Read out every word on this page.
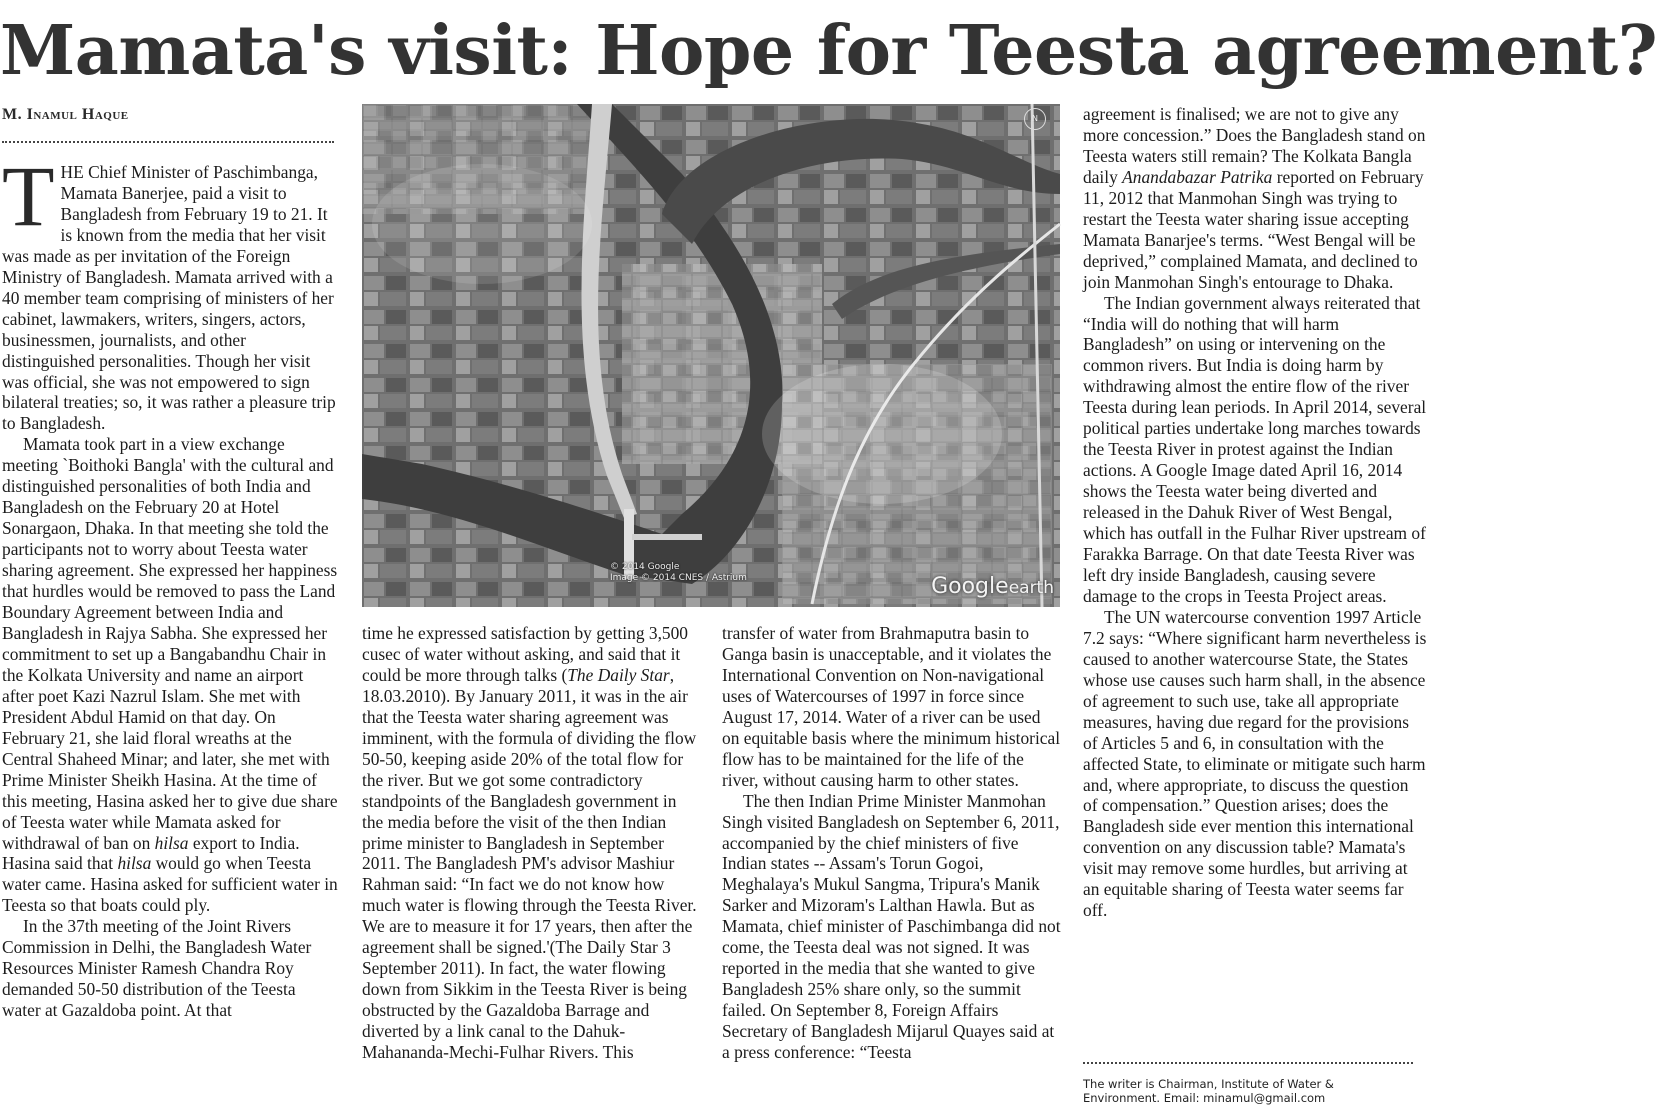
Mamata's visit: Hope for Teesta agreement?
M. Inamul Haque

THE Chief Minister of Paschimbanga, Mamata Banerjee, paid a visit to Bangladesh from February 19 to 21. It is known from the media that her visit was made as per invitation of the Foreign Ministry of Bangladesh. Mamata arrived with a 40 member team comprising of ministers of her cabinet, lawmakers, writers, singers, actors, businessmen, journalists, and other distinguished personalities. Though her visit was official, she was not empowered to sign bilateral treaties; so, it was rather a pleasure trip to Bangladesh.

Mamata took part in a view exchange meeting `Boithoki Bangla' with the cultural and distinguished personalities of both India and Bangladesh on the February 20 at Hotel Sonargaon, Dhaka. In that meeting she told the participants not to worry about Teesta water sharing agreement. She expressed her happiness that hurdles would be removed to pass the Land Boundary Agreement between India and Bangladesh in Rajya Sabha. She expressed her commitment to set up a Bangabandhu Chair in the Kolkata University and name an airport after poet Kazi Nazrul Islam. She met with President Abdul Hamid on that day. On February 21, she laid floral wreaths at the Central Shaheed Minar; and later, she met with Prime Minister Sheikh Hasina. At the time of this meeting, Hasina asked her to give due share of Teesta water while Mamata asked for withdrawal of ban on hilsa export to India. Hasina said that hilsa would go when Teesta water came. Hasina asked for sufficient water in Teesta so that boats could ply.

In the 37th meeting of the Joint Rivers Commission in Delhi, the Bangladesh Water Resources Minister Ramesh Chandra Roy demanded 50-50 distribution of the Teesta water at Gazaldoba point. At that

N
© 2014 Google
Image © 2014 CNES / Astrium	Googleearth

time he expressed satisfaction by getting 3,500 cusec of water without asking, and said that it could be more through talks (The Daily Star, 18.03.2010). By January 2011, it was in the air that the Teesta water sharing agreement was imminent, with the formula of dividing the flow 50-50, keeping aside 20% of the total flow for the river. But we got some contradictory standpoints of the Bangladesh government in the media before the visit of the then Indian prime minister to Bangladesh in September 2011. The Bangladesh PM's advisor Mashiur Rahman said: “In fact we do not know how much water is flowing through the Teesta River. We are to measure it for 17 years, then after the agreement shall be signed.'(The Daily Star 3 September 2011). In fact, the water flowing down from Sikkim in the Teesta River is being obstructed by the Gazaldoba Barrage and diverted by a link canal to the Dahuk-Mahananda-Mechi-Fulhar Rivers. This

transfer of water from Brahmaputra basin to Ganga basin is unacceptable, and it violates the International Convention on Non-navigational uses of Watercourses of 1997 in force since August 17, 2014. Water of a river can be used on equitable basis where the minimum historical flow has to be maintained for the life of the river, without causing harm to other states.

The then Indian Prime Minister Manmohan Singh visited Bangladesh on September 6, 2011, accompanied by the chief ministers of five Indian states -- Assam's Torun Gogoi, Meghalaya's Mukul Sangma, Tripura's Manik Sarker and Mizoram's Lalthan Hawla. But as Mamata, chief minister of Paschimbanga did not come, the Teesta deal was not signed. It was reported in the media that she wanted to give Bangladesh 25% share only, so the summit failed. On September 8, Foreign Affairs Secretary of Bangladesh Mijarul Quayes said at a press conference: “Teesta

agreement is finalised; we are not to give any more concession.” Does the Bangladesh stand on Teesta waters still remain? The Kolkata Bangla daily Anandabazar Patrika reported on February 11, 2012 that Manmohan Singh was trying to restart the Teesta water sharing issue accepting Mamata Banarjee's terms. “West Bengal will be deprived,” complained Mamata, and declined to join Manmohan Singh's entourage to Dhaka.

The Indian government always reiterated that “India will do nothing that will harm Bangladesh” on using or intervening on the common rivers. But India is doing harm by withdrawing almost the entire flow of the river Teesta during lean periods. In April 2014, several political parties undertake long marches towards the Teesta River in protest against the Indian actions. A Google Image dated April 16, 2014 shows the Teesta water being diverted and released in the Dahuk River of West Bengal, which has outfall in the Fulhar River upstream of Farakka Barrage. On that date Teesta River was left dry inside Bangladesh, causing severe damage to the crops in Teesta Project areas.

The UN watercourse convention 1997 Article 7.2 says: “Where significant harm nevertheless is caused to another watercourse State, the States whose use causes such harm shall, in the absence of agreement to such use, take all appropriate measures, having due regard for the provisions of Articles 5 and 6, in consultation with the affected State, to eliminate or mitigate such harm and, where appropriate, to discuss the question of compensation.” Question arises; does the Bangladesh side ever mention this international convention on any discussion table? Mamata's visit may remove some hurdles, but arriving at an equitable sharing of Teesta water seems far off.

The writer is Chairman, Institute of Water & Environment. Email: minamul@gmail.com
